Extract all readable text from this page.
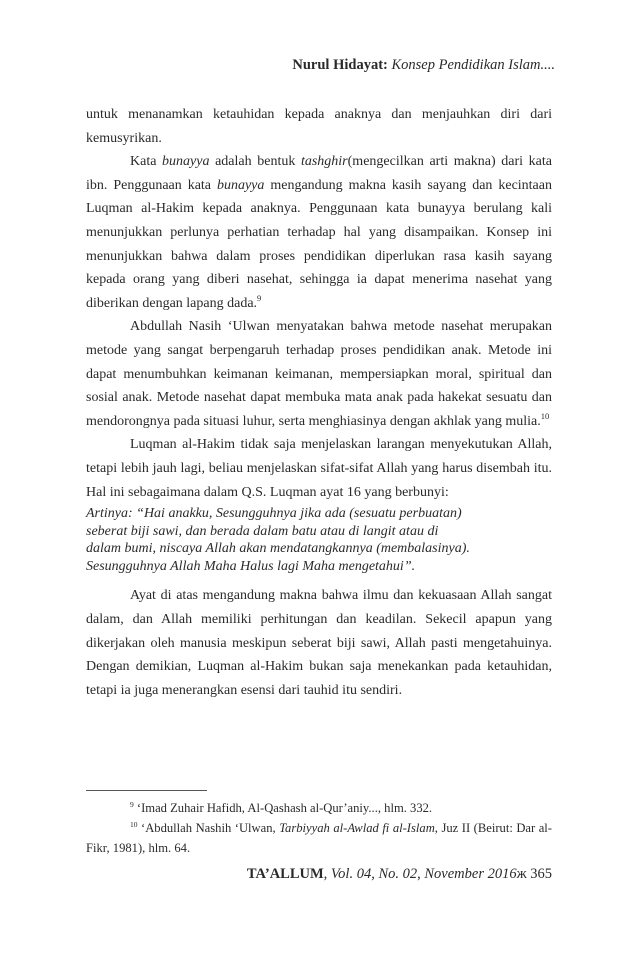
Nurul Hidayat: Konsep Pendidikan Islam....

untuk menanamkan ketauhidan kepada anaknya dan menjauhkan diri dari kemusyrikan.

Kata bunayya adalah bentuk tashghir(mengecilkan arti makna) dari kata ibn. Penggunaan kata bunayya mengandung makna kasih sayang dan kecintaan Luqman al-Hakim kepada anaknya. Penggunaan kata bunayya berulang kali menunjukkan perlunya perhatian terhadap hal yang disampaikan. Konsep ini menunjukkan bahwa dalam proses pendidikan diperlukan rasa kasih sayang kepada orang yang diberi nasehat, sehingga ia dapat menerima nasehat yang diberikan dengan lapang dada.$^9$

Abdullah Nasih ‘Ulwan menyatakan bahwa metode nasehat merupakan metode yang sangat berpengaruh terhadap proses pendidikan anak. Metode ini dapat menumbuhkan keimanan keimanan, mempersiapkan moral, spiritual dan sosial anak. Metode nasehat dapat membuka mata anak pada hakekat sesuatu dan mendorongnya pada situasi luhur, serta menghiasinya dengan akhlak yang mulia.$^{10}$

Luqman al-Hakim tidak saja menjelaskan larangan menyekutukan Allah, tetapi lebih jauh lagi, beliau menjelaskan sifat-sifat Allah yang harus disembah itu. Hal ini sebagaimana dalam Q.S. Luqman ayat 16 yang berbunyi:

Artinya: “Hai anakku, Sesungguhnya jika ada (sesuatu perbuatan)
seberat biji sawi, dan berada dalam batu atau di langit atau di
dalam bumi, niscaya Allah akan mendatangkannya (membalasinya).
Sesungguhnya Allah Maha Halus lagi Maha mengetahui”.

Ayat di atas mengandung makna bahwa ilmu dan kekuasaan Allah sangat dalam, dan Allah memiliki perhitungan dan keadilan. Sekecil apapun yang dikerjakan oleh manusia meskipun seberat biji sawi, Allah pasti mengetahuinya. Dengan demikian, Luqman al-Hakim bukan saja menekankan pada ketauhidan, tetapi ia juga menerangkan esensi dari tauhid itu sendiri.

$^9$ ‘Imad Zuhair Hafidh, Al-Qashash al-Qur’aniy..., hlm. 332.

$^{10}$ ‘Abdullah Nashih ‘Ulwan, Tarbiyyah al-Awlad fi al-Islam, Juz II (Beirut: Dar al-Fikr, 1981), hlm. 64.

TA’ALLUM, Vol. 04, No. 02, November 2016ж 365
